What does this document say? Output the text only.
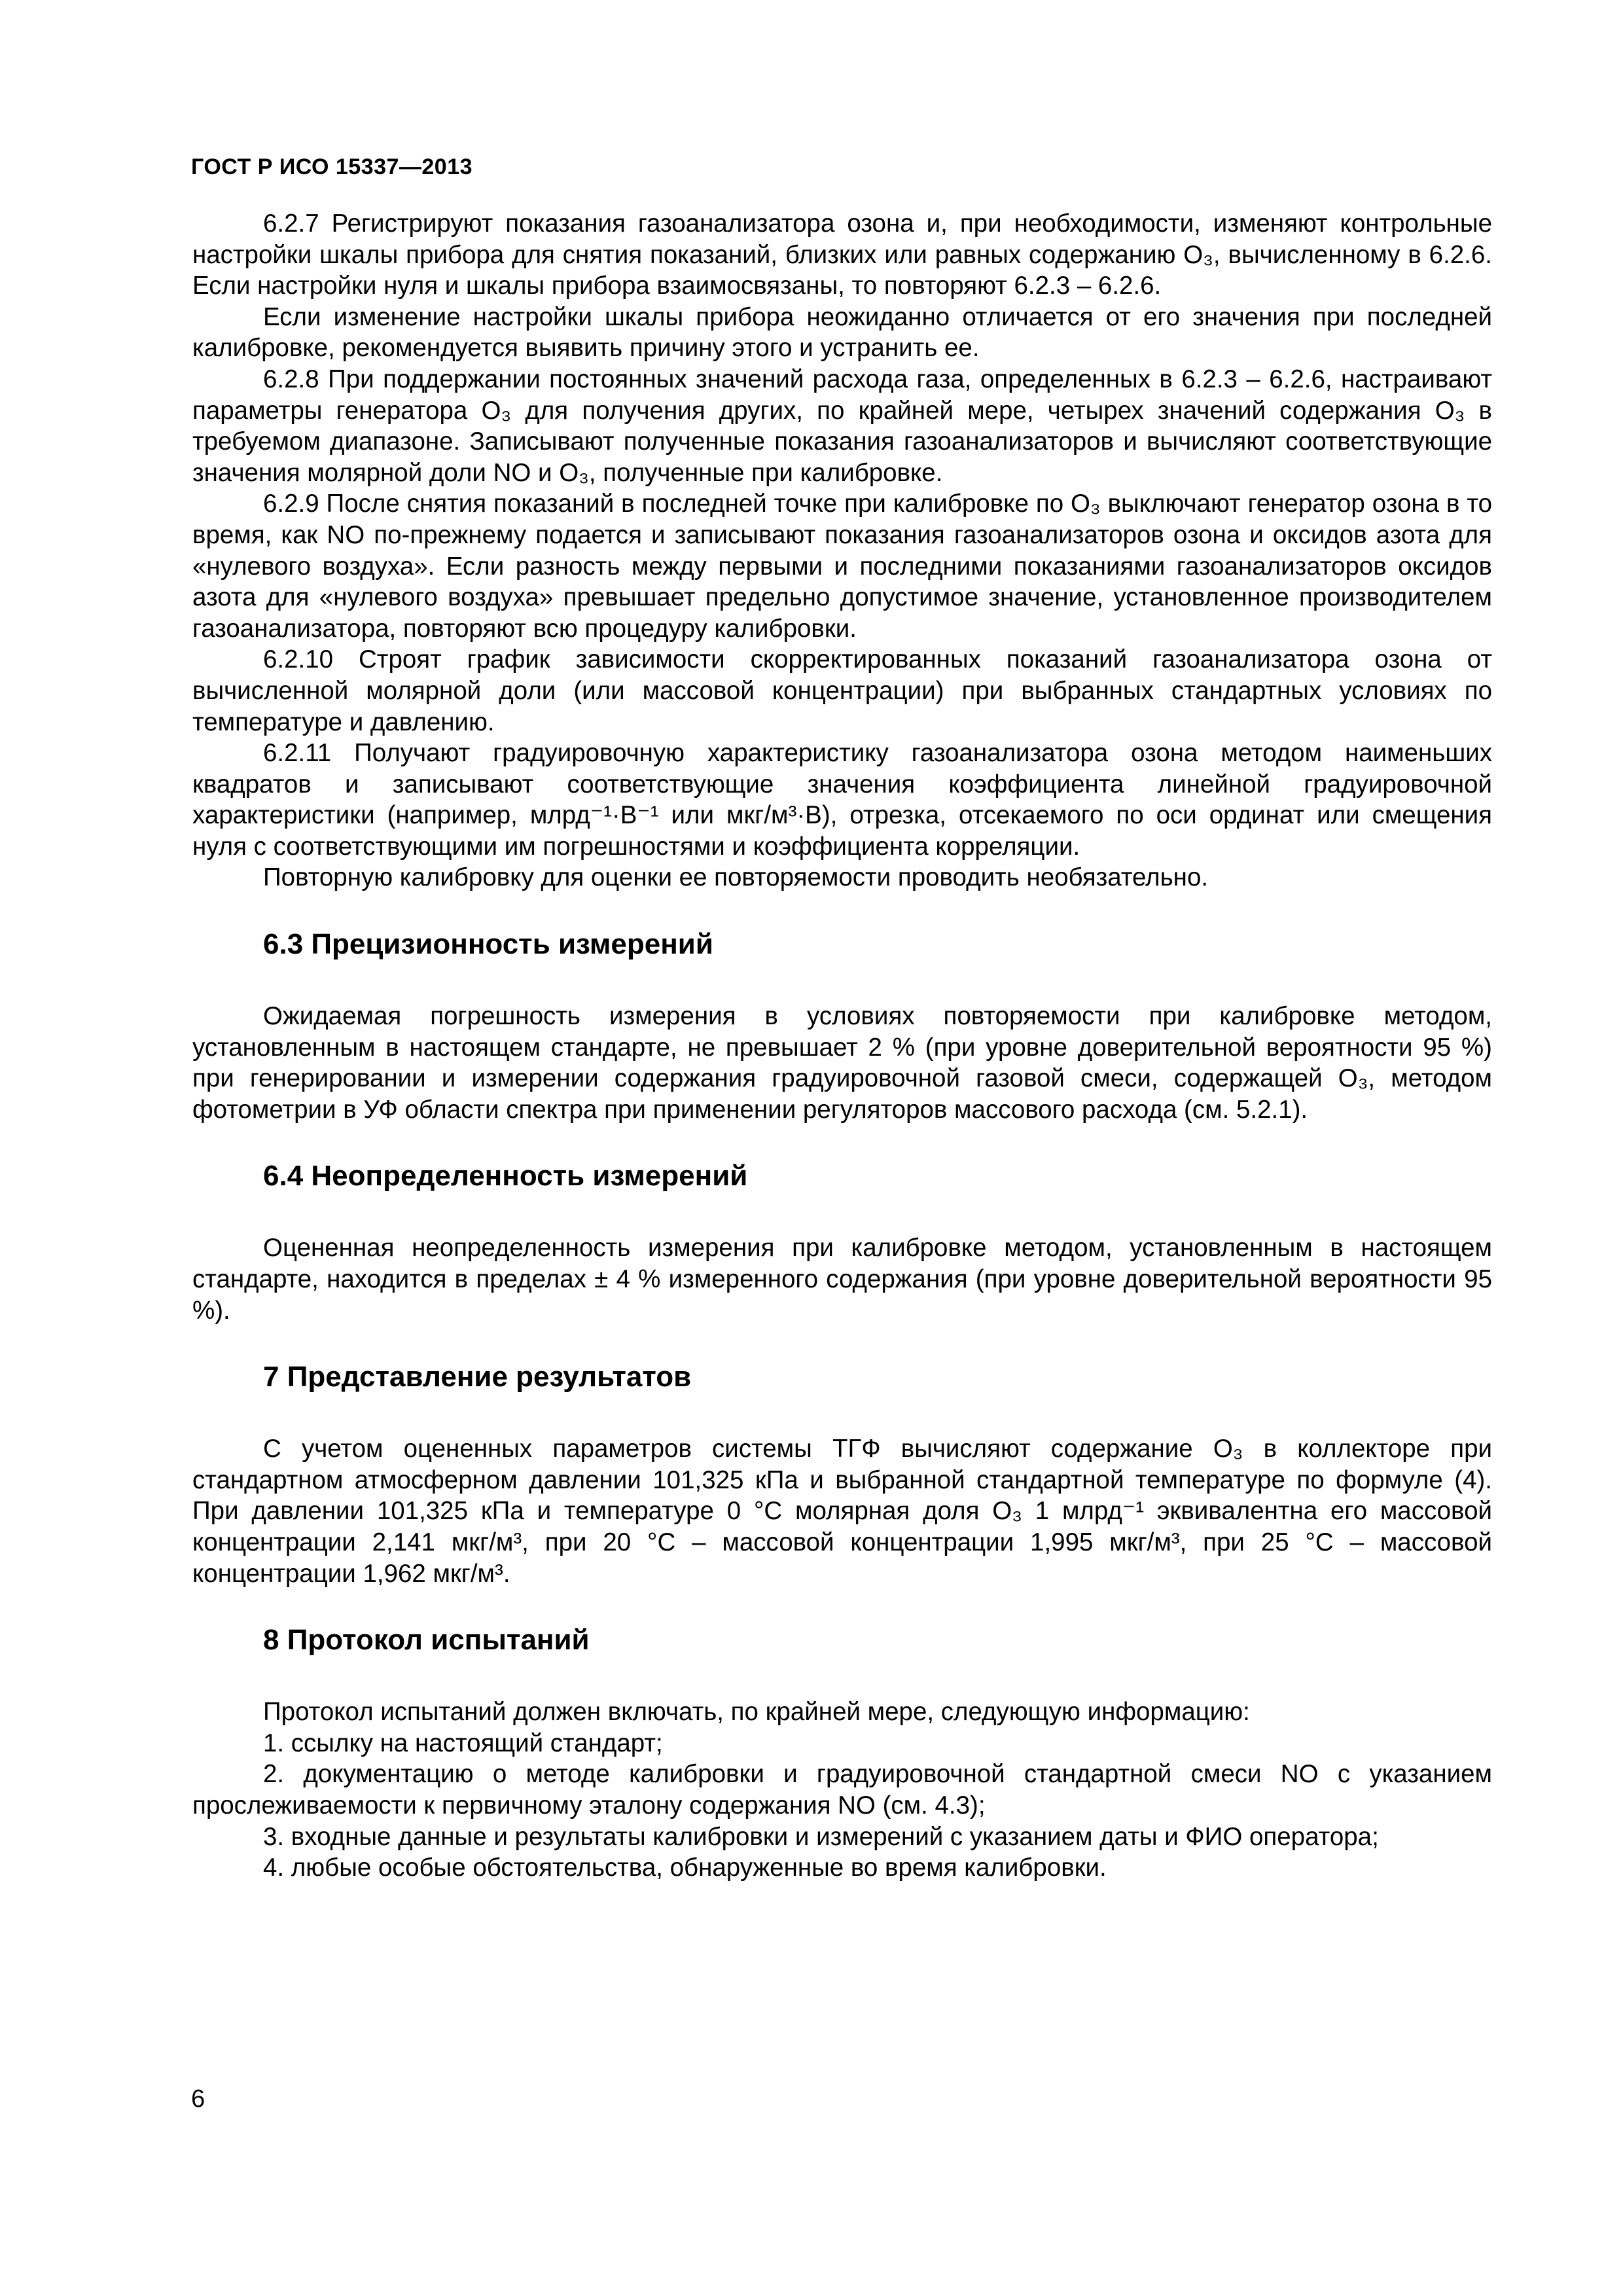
ГОСТ Р ИСО 15337—2013

6.2.7 Регистрируют показания газоанализатора озона и, при необходимости, изменяют контрольные настройки шкалы прибора для снятия показаний, близких или равных содержанию O₃, вычисленному в 6.2.6. Если настройки нуля и шкалы прибора взаимосвязаны, то повторяют 6.2.3 – 6.2.6.

Если изменение настройки шкалы прибора неожиданно отличается от его значения при последней калибровке, рекомендуется выявить причину этого и устранить ее.

6.2.8 При поддержании постоянных значений расхода газа, определенных в 6.2.3 – 6.2.6, настраивают параметры генератора O₃ для получения других, по крайней мере, четырех значений содержания O₃ в требуемом диапазоне. Записывают полученные показания газоанализаторов и вычисляют соответствующие значения молярной доли NO и O₃, полученные при калибровке.

6.2.9 После снятия показаний в последней точке при калибровке по O₃ выключают генератор озона в то время, как NO по-прежнему подается и записывают показания газоанализаторов озона и оксидов азота для «нулевого воздуха». Если разность между первыми и последними показаниями газоанализаторов оксидов азота для «нулевого воздуха» превышает предельно допустимое значение, установленное производителем газоанализатора, повторяют всю процедуру калибровки.

6.2.10 Строят график зависимости скорректированных показаний газоанализатора озона от вычисленной молярной доли (или массовой концентрации) при выбранных стандартных условиях по температуре и давлению.

6.2.11 Получают градуировочную характеристику газоанализатора озона методом наименьших квадратов и записывают соответствующие значения коэффициента линейной градуировочной характеристики (например, млрд⁻¹·В⁻¹ или мкг/м³·В), отрезка, отсекаемого по оси ординат или смещения нуля с соответствующими им погрешностями и коэффициента корреляции.

Повторную калибровку для оценки ее повторяемости проводить необязательно.

6.3 Прецизионность измерений

Ожидаемая погрешность измерения в условиях повторяемости при калибровке методом, установленным в настоящем стандарте, не превышает 2 % (при уровне доверительной вероятности 95 %) при генерировании и измерении содержания градуировочной газовой смеси, содержащей O₃, методом фотометрии в УФ области спектра при применении регуляторов массового расхода (см. 5.2.1).

6.4 Неопределенность измерений

Оцененная неопределенность измерения при калибровке методом, установленным в настоящем стандарте, находится в пределах ± 4 % измеренного содержания (при уровне доверительной вероятности 95 %).

7 Представление результатов

С учетом оцененных параметров системы ТГФ вычисляют содержание O₃ в коллекторе при стандартном атмосферном давлении 101,325 кПа и выбранной стандартной температуре по формуле (4). При давлении 101,325 кПа и температуре 0 °С молярная доля O₃ 1 млрд⁻¹ эквивалентна его массовой концентрации 2,141 мкг/м³, при 20 °С – массовой концентрации 1,995 мкг/м³, при 25 °С – массовой концентрации 1,962 мкг/м³.

8 Протокол испытаний

Протокол испытаний должен включать, по крайней мере, следующую информацию:

1. ссылку на настоящий стандарт;

2. документацию о методе калибровки и градуировочной стандартной смеси NO с указанием прослеживаемости к первичному эталону содержания NO (см. 4.3);

3. входные данные и результаты калибровки и измерений с указанием даты и ФИО оператора;

4. любые особые обстоятельства, обнаруженные во время калибровки.

6
